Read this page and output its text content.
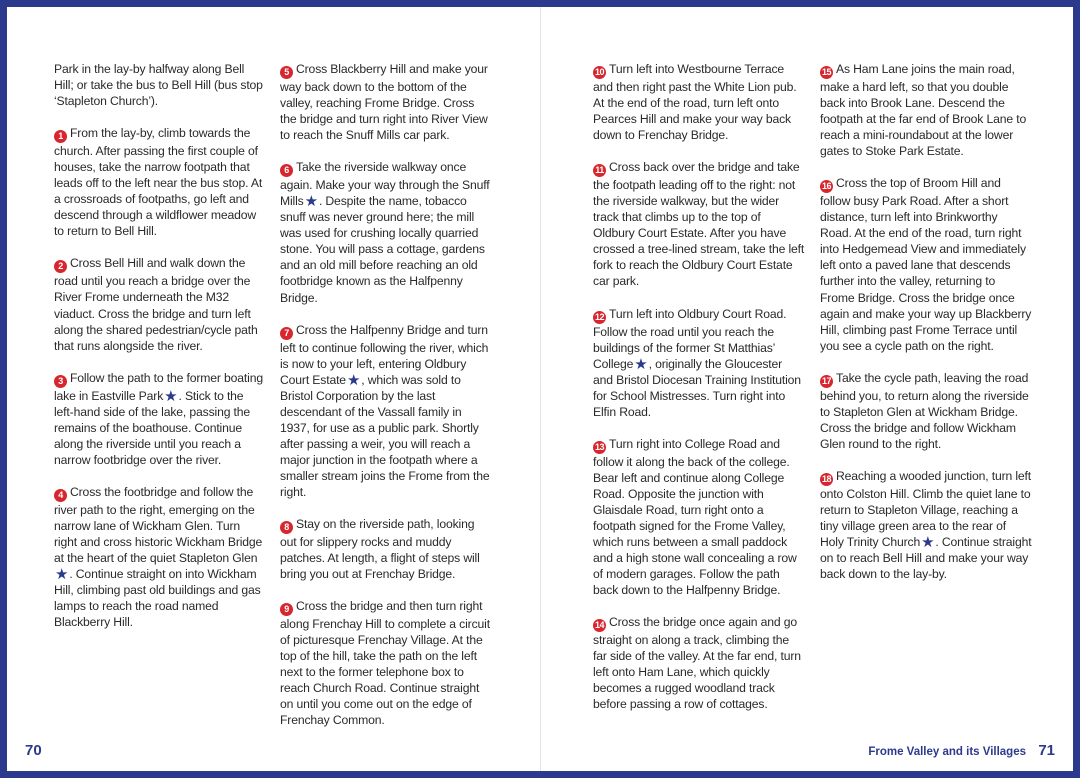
Park in the lay-by halfway along Bell Hill; or take the bus to Bell Hill (bus stop ‘Stapleton Church’).

1 From the lay-by, climb towards the church. After passing the first couple of houses, take the narrow footpath that leads off to the left near the bus stop. At a crossroads of footpaths, go left and descend through a wildflower meadow to return to Bell Hill.

2 Cross Bell Hill and walk down the road until you reach a bridge over the River Frome underneath the M32 viaduct. Cross the bridge and turn left along the shared pedestrian/cycle path that runs alongside the river.

3 Follow the path to the former boating lake in Eastville Park★. Stick to the left-hand side of the lake, passing the remains of the boathouse. Continue along the riverside until you reach a narrow footbridge over the river.

4 Cross the footbridge and follow the river path to the right, emerging on the narrow lane of Wickham Glen. Turn right and cross historic Wickham Bridge at the heart of the quiet Stapleton Glen★. Continue straight on into Wickham Hill, climbing past old buildings and gas lamps to reach the road named Blackberry Hill.

5 Cross Blackberry Hill and make your way back down to the bottom of the valley, reaching Frome Bridge. Cross the bridge and turn right into River View to reach the Snuff Mills car park.

6 Take the riverside walkway once again. Make your way through the Snuff Mills★. Despite the name, tobacco snuff was never ground here; the mill was used for crushing locally quarried stone. You will pass a cottage, gardens and an old mill before reaching an old footbridge known as the Halfpenny Bridge.

7 Cross the Halfpenny Bridge and turn left to continue following the river, which is now to your left, entering Oldbury Court Estate★, which was sold to Bristol Corporation by the last descendant of the Vassall family in 1937, for use as a public park. Shortly after passing a weir, you will reach a major junction in the footpath where a smaller stream joins the Frome from the right.

8 Stay on the riverside path, looking out for slippery rocks and muddy patches. At length, a flight of steps will bring you out at Frenchay Bridge.

9 Cross the bridge and then turn right along Frenchay Hill to complete a circuit of picturesque Frenchay Village. At the top of the hill, take the path on the left next to the former telephone box to reach Church Road. Continue straight on until you come out on the edge of Frenchay Common.

10 Turn left into Westbourne Terrace and then right past the White Lion pub. At the end of the road, turn left onto Pearces Hill and make your way back down to Frenchay Bridge.

11 Cross back over the bridge and take the footpath leading off to the right: not the riverside walkway, but the wider track that climbs up to the top of Oldbury Court Estate. After you have crossed a tree-lined stream, take the left fork to reach the Oldbury Court Estate car park.

12 Turn left into Oldbury Court Road. Follow the road until you reach the buildings of the former St Matthias’ College★, originally the Gloucester and Bristol Diocesan Training Institution for School Mistresses. Turn right into Elfin Road.

13 Turn right into College Road and follow it along the back of the college. Bear left and continue along College Road. Opposite the junction with Glaisdale Road, turn right onto a footpath signed for the Frome Valley, which runs between a small paddock and a high stone wall concealing a row of modern garages. Follow the path back down to the Halfpenny Bridge.

14 Cross the bridge once again and go straight on along a track, climbing the far side of the valley. At the far end, turn left onto Ham Lane, which quickly becomes a rugged woodland track before passing a row of cottages.

15 As Ham Lane joins the main road, make a hard left, so that you double back into Brook Lane. Descend the footpath at the far end of Brook Lane to reach a mini-roundabout at the lower gates to Stoke Park Estate.

16 Cross the top of Broom Hill and follow busy Park Road. After a short distance, turn left into Brinkworthy Road. At the end of the road, turn right into Hedgemead View and immediately left onto a paved lane that descends further into the valley, returning to Frome Bridge. Cross the bridge once again and make your way up Blackberry Hill, climbing past Frome Terrace until you see a cycle path on the right.

17 Take the cycle path, leaving the road behind you, to return along the riverside to Stapleton Glen at Wickham Bridge. Cross the bridge and follow Wickham Glen round to the right.

18 Reaching a wooded junction, turn left onto Colston Hill. Climb the quiet lane to return to Stapleton Village, reaching a tiny village green area to the rear of Holy Trinity Church★. Continue straight on to reach Bell Hill and make your way back down to the lay-by.

70	Frome Valley and its Villages 71
